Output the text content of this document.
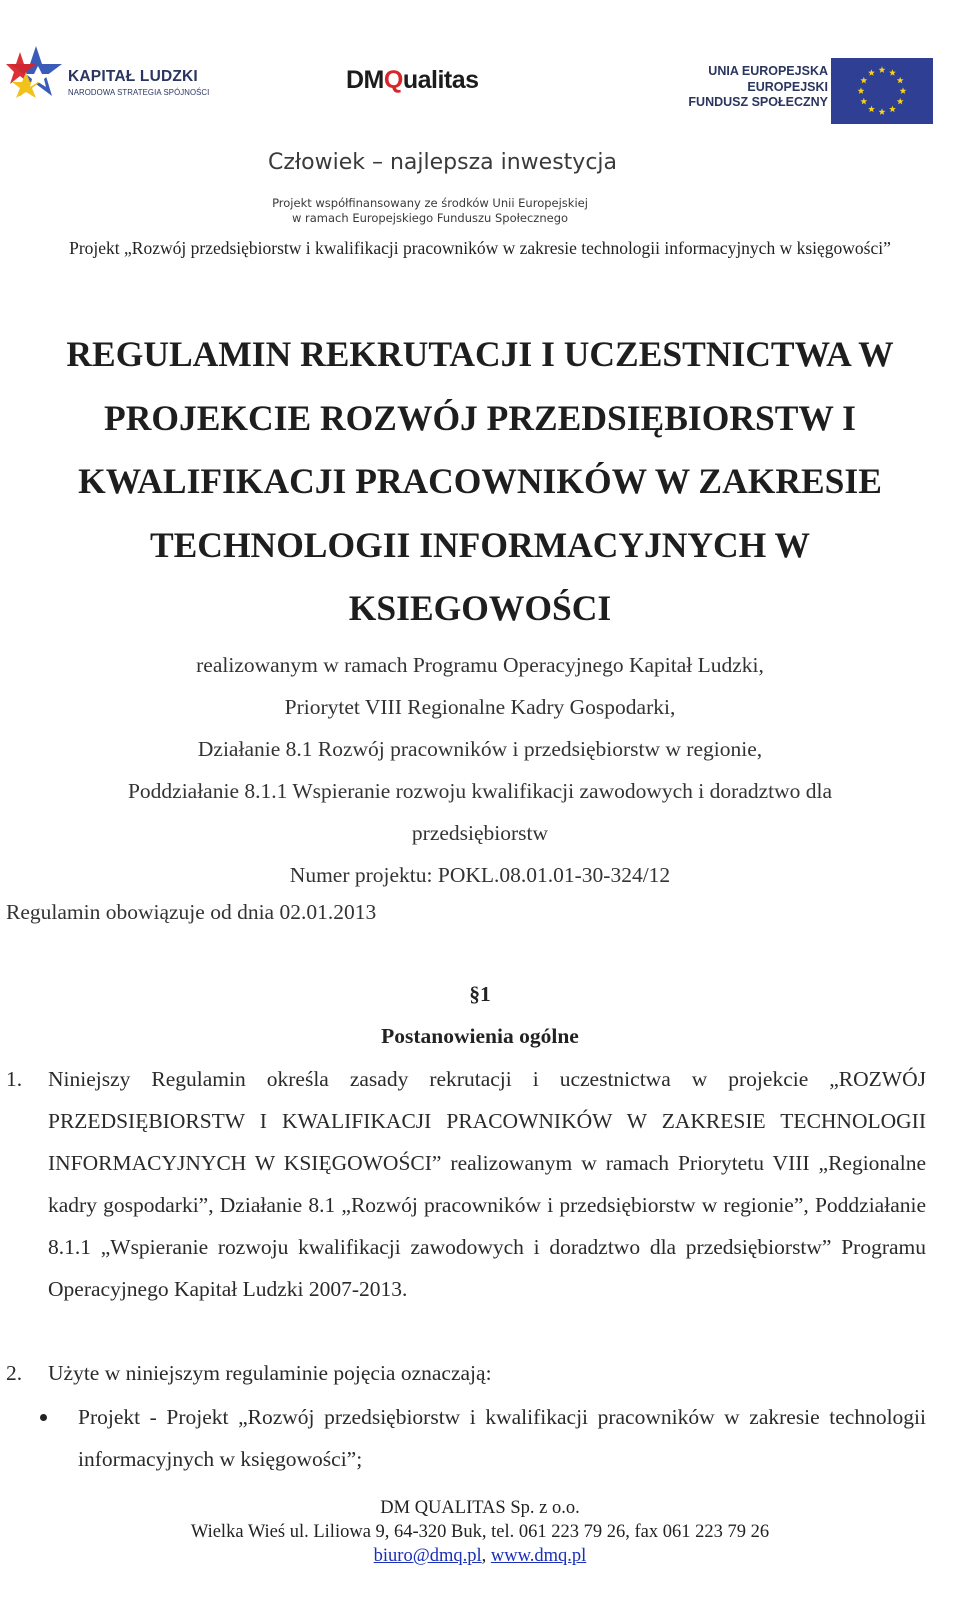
KAPITAŁ LUDZKI
NARODOWA STRATEGIA SPÓJNOŚCI	DMQualitas	UNIA EUROPEJSKA
EUROPEJSKI
FUNDUSZ SPOŁECZNY
Człowiek – najlepsza inwestycja
Projekt współfinansowany ze środków Unii Europejskiej
w ramach Europejskiego Funduszu Społecznego
Projekt „Rozwój przedsiębiorstw i kwalifikacji pracowników w zakresie technologii informacyjnych w księgowości”
REGULAMIN REKRUTACJI I UCZESTNICTWA W
PROJEKCIE ROZWÓJ PRZEDSIĘBIORSTW I
KWALIFIKACJI PRACOWNIKÓW W ZAKRESIE
TECHNOLOGII INFORMACYJNYCH W
KSIEGOWOŚCI
realizowanym w ramach Programu Operacyjnego Kapitał Ludzki,
Priorytet VIII Regionalne Kadry Gospodarki,
Działanie 8.1 Rozwój pracowników i przedsiębiorstw w regionie,
Poddziałanie 8.1.1 Wspieranie rozwoju kwalifikacji zawodowych i doradztwo dla
przedsiębiorstw
Numer projektu: POKL.08.01.01-30-324/12
Regulamin obowiązuje od dnia 02.01.2013
§1
Postanowienia ogólne
1. Niniejszy Regulamin określa zasady rekrutacji i uczestnictwa w projekcie „ROZWÓJ PRZEDSIĘBIORSTW I KWALIFIKACJI PRACOWNIKÓW W ZAKRESIE TECHNOLOGII INFORMACYJNYCH W KSIĘGOWOŚCI” realizowanym w ramach Priorytetu VIII „Regionalne kadry gospodarki”, Działanie 8.1 „Rozwój pracowników i przedsiębiorstw w regionie”, Poddziałanie 8.1.1 „Wspieranie rozwoju kwalifikacji zawodowych i doradztwo dla przedsiębiorstw” Programu Operacyjnego Kapitał Ludzki 2007-2013.
2. Użyte w niniejszym regulaminie pojęcia oznaczają:
Projekt - Projekt „Rozwój przedsiębiorstw i kwalifikacji pracowników w zakresie technologii informacyjnych w księgowości”;
DM QUALITAS Sp. z o.o.
Wielka Wieś ul. Liliowa 9, 64-320 Buk, tel. 061 223 79 26, fax 061 223 79 26
biuro@dmq.pl, www.dmq.pl
